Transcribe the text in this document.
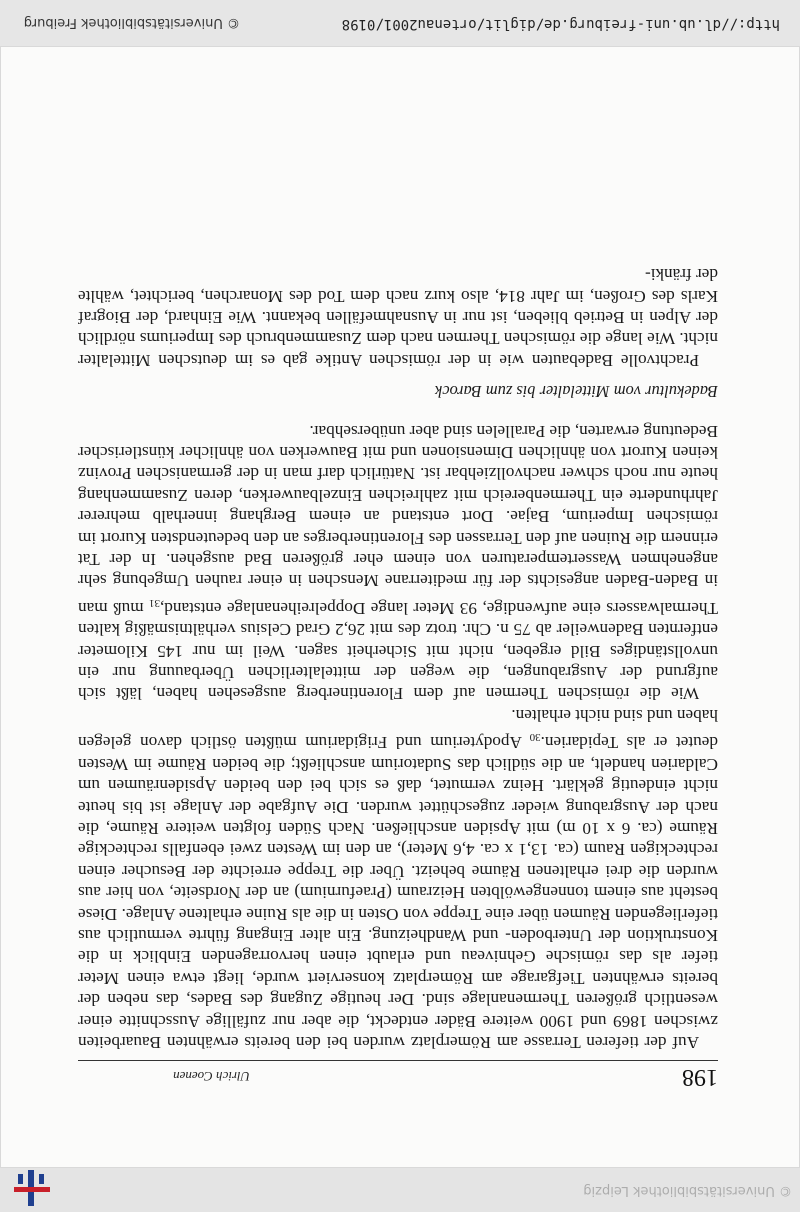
© Universitätsbibliothek Leipzig
198
Ulrich Coenen

Auf der tieferen Terrasse am Römerplatz wurden bei den bereits erwähnten Bauarbeiten zwischen 1869 und 1900 weitere Bäder entdeckt, die aber nur zufällige Ausschnitte einer wesentlich größeren Thermenanlage sind. Der heutige Zugang des Bades, das neben der bereits erwähnten Tiefgarage am Römerplatz konserviert wurde, liegt etwa einen Meter tiefer als das römische Gehniveau und erlaubt einen hervorragenden Einblick in die Konstruktion der Unterboden- und Wandheizung. Ein alter Eingang führte vermutlich aus tieferliegenden Räumen über eine Treppe von Osten in die als Ruine erhaltene Anlage. Diese besteht aus einem tonnengewölbten Heizraum (Praefurnium) an der Nordseite, von hier aus wurden die drei erhaltenen Räume beheizt. Über die Treppe erreichte der Besucher einen rechteckigen Raum (ca. 13,1 x ca. 4,6 Meter), an den im Westen zwei ebenfalls rechteckige Räume (ca. 6 x 10 m) mit Apsiden anschließen. Nach Süden folgten weitere Räume, die nach der Ausgrabung wieder zugeschüttet wurden. Die Aufgabe der Anlage ist bis heute nicht eindeutig geklärt. Heinz vermutet, daß es sich bei den beiden Apsidenräumen um Caldarien handelt, an die südlich das Sudatorium anschließt; die beiden Räume im Westen deutet er als Tepidarien.$^{30}$ Apodyterium und Frigidarium müßten östlich davon gelegen haben und sind nicht erhalten.

Wie die römischen Thermen auf dem Florentinerberg ausgesehen haben, läßt sich aufgrund der Ausgrabungen, die wegen der mittelalterlichen Überbauung nur ein unvollständiges Bild ergeben, nicht mit Sicherheit sagen. Weil im nur 145 Kilometer entfernten Badenweiler ab 75 n. Chr. trotz des mit 26,2 Grad Celsius verhältnismäßig kalten Thermalwassers eine aufwendige, 93 Meter lange Doppelreihenanlage entstand,$^{31}$ muß man in Baden-Baden angesichts der für mediterrane Menschen in einer rauhen Umgebung sehr angenehmen Wassertemperaturen von einem eher größeren Bad ausgehen. In der Tat erinnern die Ruinen auf den Terrassen des Florentinerberges an den bedeutendsten Kurort im römischen Imperium, Bajae. Dort entstand an einem Berghang innerhalb mehrerer Jahrhunderte ein Thermenbereich mit zahlreichen Einzelbauwerken, deren Zusammenhang heute nur noch schwer nachvollziehbar ist. Natürlich darf man in der germanischen Provinz keinen Kurort von ähnlichen Dimensionen und mit Bauwerken von ähnlicher künstlerischer Bedeutung erwarten, die Parallelen sind aber unübersehbar.

Badekultur vom Mittelalter bis zum Barock

Prachtvolle Badebauten wie in der römischen Antike gab es im deutschen Mittelalter nicht. Wie lange die römischen Thermen nach dem Zusammenbruch des Imperiums nördlich der Alpen in Betrieb blieben, ist nur in Ausnahmefällen bekannt. Wie Einhard, der Biograf Karls des Großen, im Jahr 814, also kurz nach dem Tod des Monarchen, berichtet, wählte der fränki-

http://dl.ub.uni-freiburg.de/diglit/ortenau2001/0198
© Universitätsbibliothek Freiburg
